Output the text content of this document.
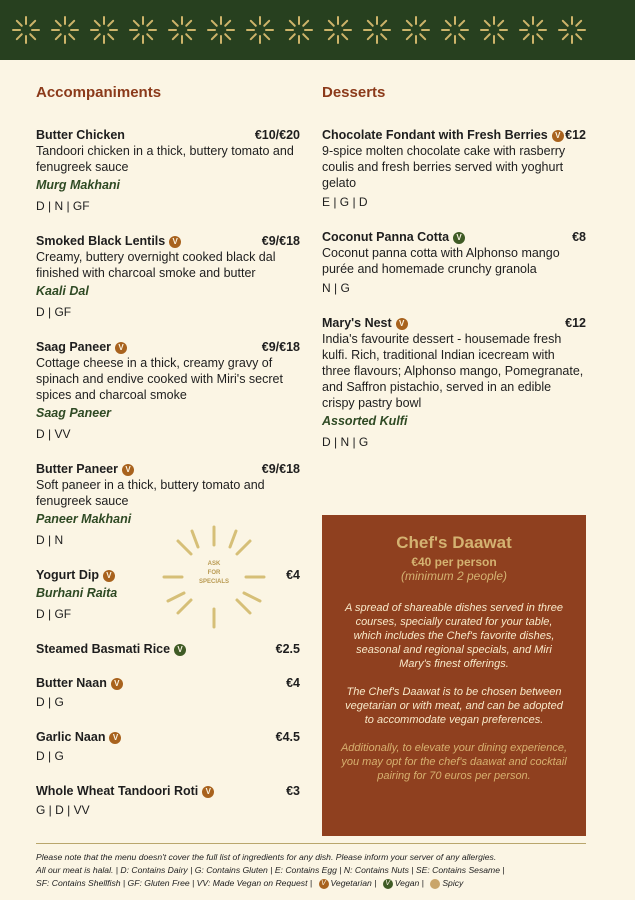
Accompaniments
Butter Chicken	€10/€20
Tandoori chicken in a thick, buttery tomato and fenugreek sauce
Murg Makhani
D | N | GF
Smoked Black Lentils V	€9/€18
Creamy, buttery overnight cooked black dal finished with charcoal smoke and butter
Kaali Dal
D | GF
Saag Paneer V	€9/€18
Cottage cheese in a thick, creamy gravy of spinach and endive cooked with Miri's secret spices and charcoal smoke
Saag Paneer
D | VV
Butter Paneer V	€9/€18
Soft paneer in a thick, buttery tomato and fenugreek sauce
Paneer Makhani
D | N
Yogurt Dip V	€4
Burhani Raita
D | GF
Steamed Basmati Rice V	€2.5
Butter Naan V	€4
D | G
Garlic Naan V	€4.5
D | G
Whole Wheat Tandoori Roti V	€3
G | D | VV
Desserts
Chocolate Fondant with Fresh Berries V €12
9-spice molten chocolate cake with rasberry coulis and fresh berries served with yoghurt gelato
E | G | D
Coconut Panna Cotta V	€8
Coconut panna cotta with Alphonso mango purée and homemade crunchy granola
N | G
Mary's Nest V	€12
India's favourite dessert - housemade fresh kulfi. Rich, traditional Indian icecream with three flavours; Alphonso mango, Pomegranate, and Saffron pistachio, served in an edible crispy pastry bowl
Assorted Kulfi
D | N | G
ASK
FOR
SPECIALS
Chef's Daawat
€40 per person
(minimum 2 people)

A spread of shareable dishes served in three courses, specially curated for your table, which includes the Chef's favorite dishes, seasonal and regional specials, and Miri Mary's finest offerings.

The Chef's Daawat is to be chosen between vegetarian or with meat, and can be adopted to accommodate vegan preferences.

Additionally, to elevate your dining experience, you may opt for the chef's daawat and cocktail pairing for 70 euros per person.

Please note that the menu doesn't cover the full list of ingredients for any dish. Please inform your server of any allergies.
All our meat is halal. | D: Contains Dairy | G: Contains Gluten | E: Contains Egg | N: Contains Nuts | SE: Contains Sesame |
SF: Contains Shellfish | GF: Gluten Free | VV: Made Vegan on Request | V Vegetarian | V Vegan | Spicy
